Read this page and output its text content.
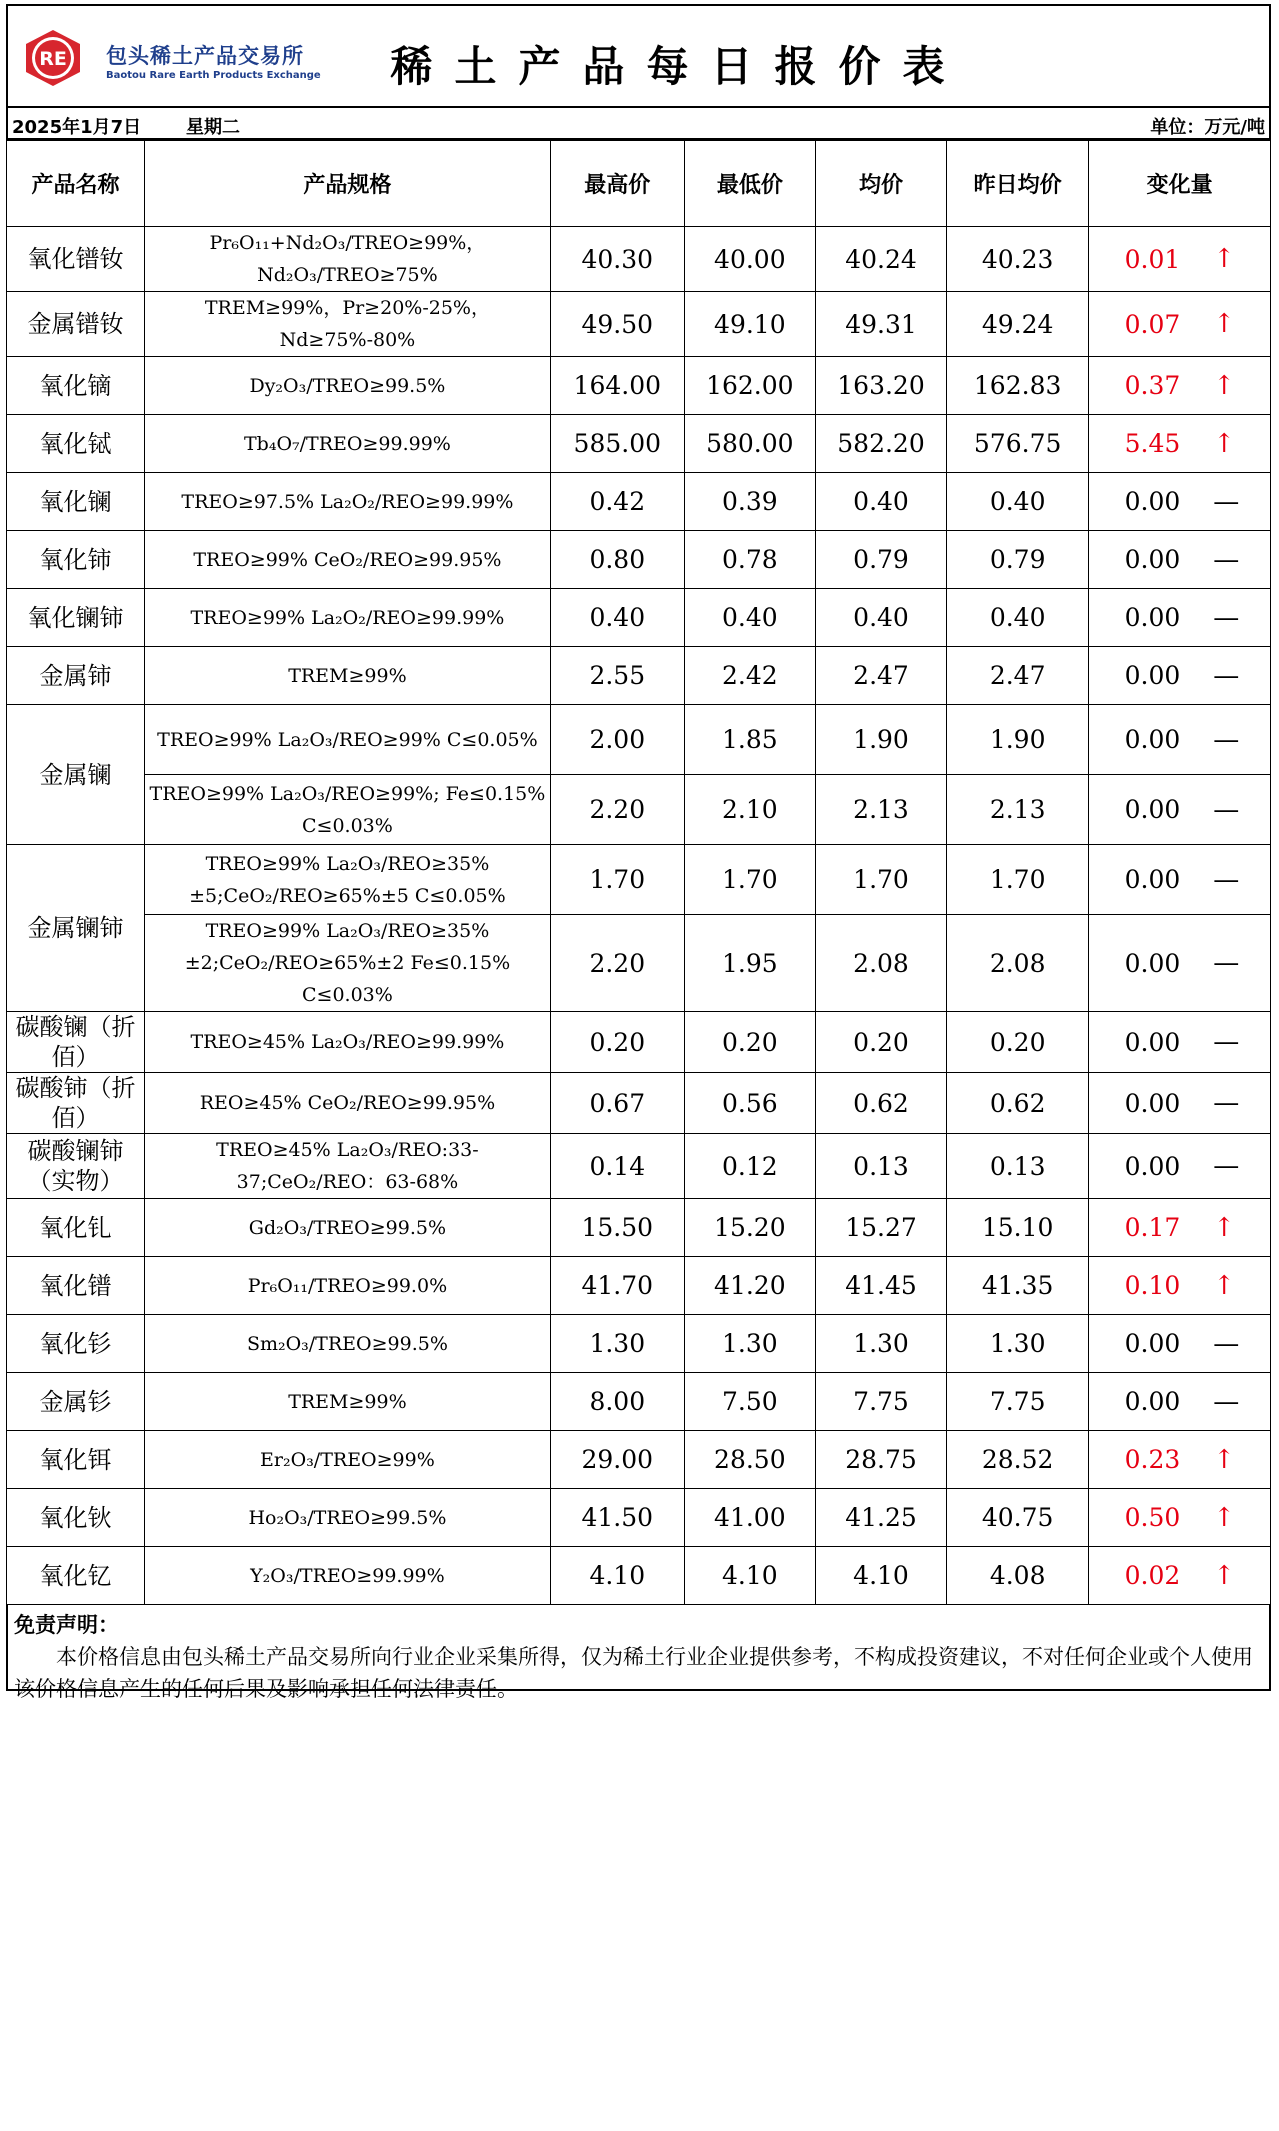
RE 包头稀土产品交易所
Baotou Rare Earth Products Exchange	稀土产品每日报价表
2025年1月7日 星期二	单位：万元/吨
产品名称	产品规格	最高价	最低价	均价	昨日均价	变化量
氧化镨钕	Pr₆O₁₁+Nd₂O₃/TREO≥99%，Nd₂O₃/TREO≥75%	40.30	40.00	40.24	40.23	0.01 ↑

金属镨钕	TREM≥99%，Pr≥20%-25%，Nd≥75%-80%	49.50	49.10	49.31	49.24	0.07 ↑

氧化镝	Dy₂O₃/TREO≥99.5%	164.00	162.00	163.20	162.83	0.37 ↑

氧化铽	Tb₄O₇/TREO≥99.99%	585.00	580.00	582.20	576.75	5.45 ↑

氧化镧	TREO≥97.5% La₂O₂/REO≥99.99%	0.42	0.39	0.40	0.40	0.00 —

氧化铈	TREO≥99% CeO₂/REO≥99.95%	0.80	0.78	0.79	0.79	0.00 —

氧化镧铈	TREO≥99% La₂O₂/REO≥99.99%	0.40	0.40	0.40	0.40	0.00 —

金属铈	TREM≥99%	2.55	2.42	2.47	2.47	0.00 —

金属镧	TREO≥99% La₂O₃/REO≥99% C≤0.05%	2.00	1.85	1.90	1.90	0.00 —

	TREO≥99% La₂O₃/REO≥99%; Fe≤0.15% C≤0.03%	2.20	2.10	2.13	2.13	0.00 —

金属镧铈	TREO≥99% La₂O₃/REO≥35%±5;CeO₂/REO≥65%±5 C≤0.05%	1.70	1.70	1.70	1.70	0.00 —

	TREO≥99% La₂O₃/REO≥35%±2;CeO₂/REO≥65%±2 Fe≤0.15% C≤0.03%	2.20	1.95	2.08	2.08	0.00 —

碳酸镧（折佰）	TREO≥45% La₂O₃/REO≥99.99%	0.20	0.20	0.20	0.20	0.00 —

碳酸铈（折佰）	REO≥45% CeO₂/REO≥99.95%	0.67	0.56	0.62	0.62	0.00 —

碳酸镧铈（实物）	TREO≥45% La₂O₃/REO:33-37;CeO₂/REO：63-68%	0.14	0.12	0.13	0.13	0.00 —

氧化钆	Gd₂O₃/TREO≥99.5%	15.50	15.20	15.27	15.10	0.17 ↑

氧化镨	Pr₆O₁₁/TREO≥99.0%	41.70	41.20	41.45	41.35	0.10 ↑

氧化钐	Sm₂O₃/TREO≥99.5%	1.30	1.30	1.30	1.30	0.00 —

金属钐	TREM≥99%	8.00	7.50	7.75	7.75	0.00 —

氧化铒	Er₂O₃/TREO≥99%	29.00	28.50	28.75	28.52	0.23 ↑

氧化钬	Ho₂O₃/TREO≥99.5%	41.50	41.00	41.25	40.75	0.50 ↑

氧化钇	Y₂O₃/TREO≥99.99%	4.10	4.10	4.10	4.08	0.02 ↑
免责声明：
本价格信息由包头稀土产品交易所向行业企业采集所得，仅为稀土行业企业提供参考，不构成投资建议，不对任何企业或个人使用该价格信息产生的任何后果及影响承担任何法律责任。
